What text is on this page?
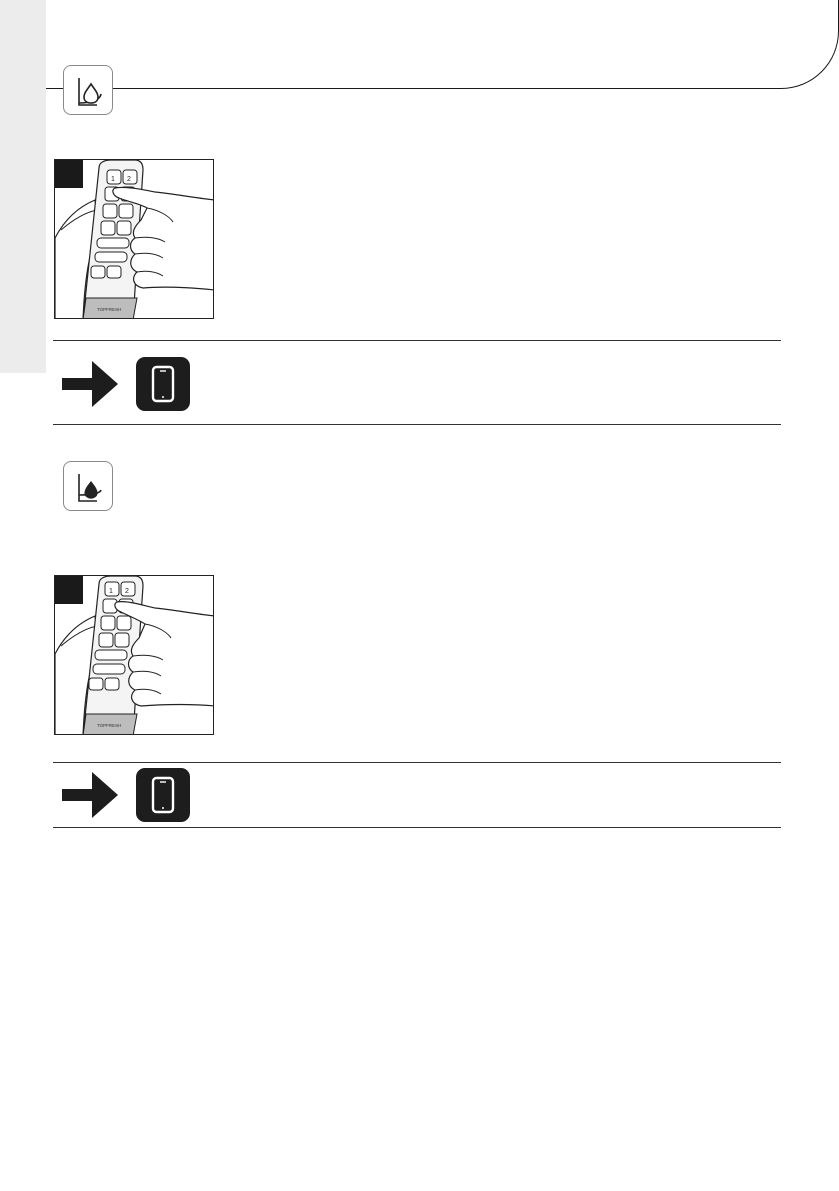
TOPFRESH
1 2
TOPFRESH
1 2
